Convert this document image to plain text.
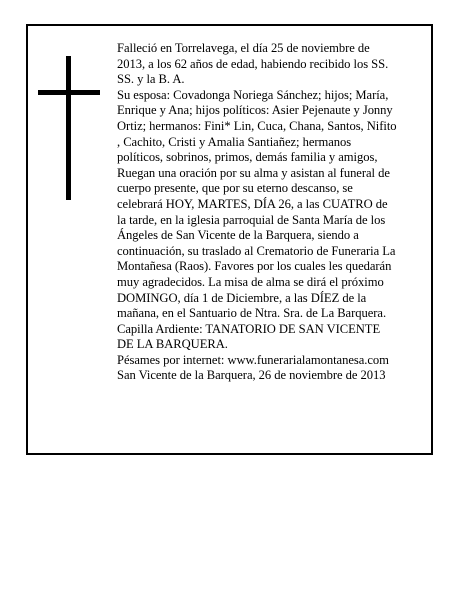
Falleció en Torrelavega, el día 25 de noviembre de

2013, a los 62 años de edad, habiendo recibido los SS.

SS. y la B. A.

Su esposa: Covadonga Noriega Sánchez; hijos; María,

Enrique y Ana; hijos políticos: Asier Pejenaute y Jonny

Ortiz; hermanos: Fini* Lin, Cuca, Chana, Santos, Nifito

, Cachito, Cristi y Amalia Santiañez; hermanos

políticos, sobrinos, primos, demás familia y amigos,

Ruegan una oración por su alma y asistan al funeral de

cuerpo presente, que por su eterno descanso, se

celebrará HOY, MARTES, DÍA 26, a las CUATRO de

la tarde, en la iglesia parroquial de Santa María de los

Ángeles de San Vicente de la Barquera, siendo a

continuación, su traslado al Crematorio de Funeraria La

Montañesa (Raos). Favores por los cuales les quedarán

muy agradecidos. La misa de alma se dirá el próximo

DOMINGO, día 1 de Diciembre, a las DÍEZ de la

mañana, en el Santuario de Ntra. Sra. de La Barquera.

Capilla Ardiente: TANATORIO DE SAN VICENTE

DE LA BARQUERA.

Pésames por internet: www.funerarialamontanesa.com

San Vicente de la Barquera, 26 de noviembre de 2013
